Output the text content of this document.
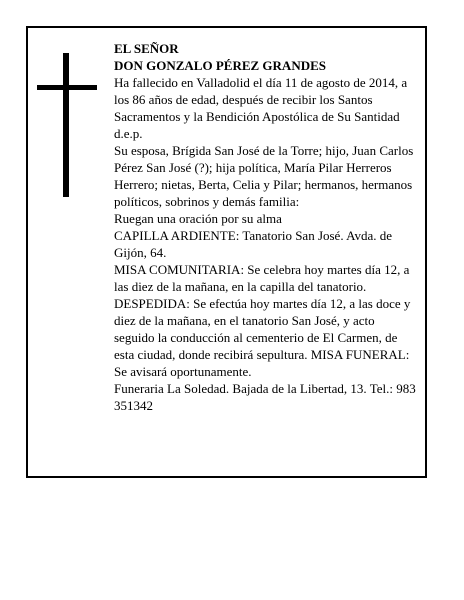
EL SEÑOR

DON GONZALO PÉREZ GRANDES

Ha fallecido en Valladolid el día 11 de agosto de 2014, a los 86 años de edad, después de recibir los Santos Sacramentos y la Bendición Apostólica de Su Santidad d.e.p.

Su esposa, Brígida San José de la Torre; hijo, Juan Carlos Pérez San José (?); hija política, María Pilar Herreros Herrero; nietas, Berta, Celia y Pilar; hermanos, hermanos políticos, sobrinos y demás familia:

Ruegan una oración por su alma

CAPILLA ARDIENTE: Tanatorio San José. Avda. de Gijón, 64.

MISA COMUNITARIA: Se celebra hoy martes día 12, a las diez de la mañana, en la capilla del tanatorio.

DESPEDIDA: Se efectúa hoy martes día 12, a las doce y diez de la mañana, en el tanatorio San José, y acto seguido la conducción al cementerio de El Carmen, de esta ciudad, donde recibirá sepultura. MISA FUNERAL: Se avisará oportunamente.

Funeraria La Soledad. Bajada de la Libertad, 13. Tel.: 983 351342
